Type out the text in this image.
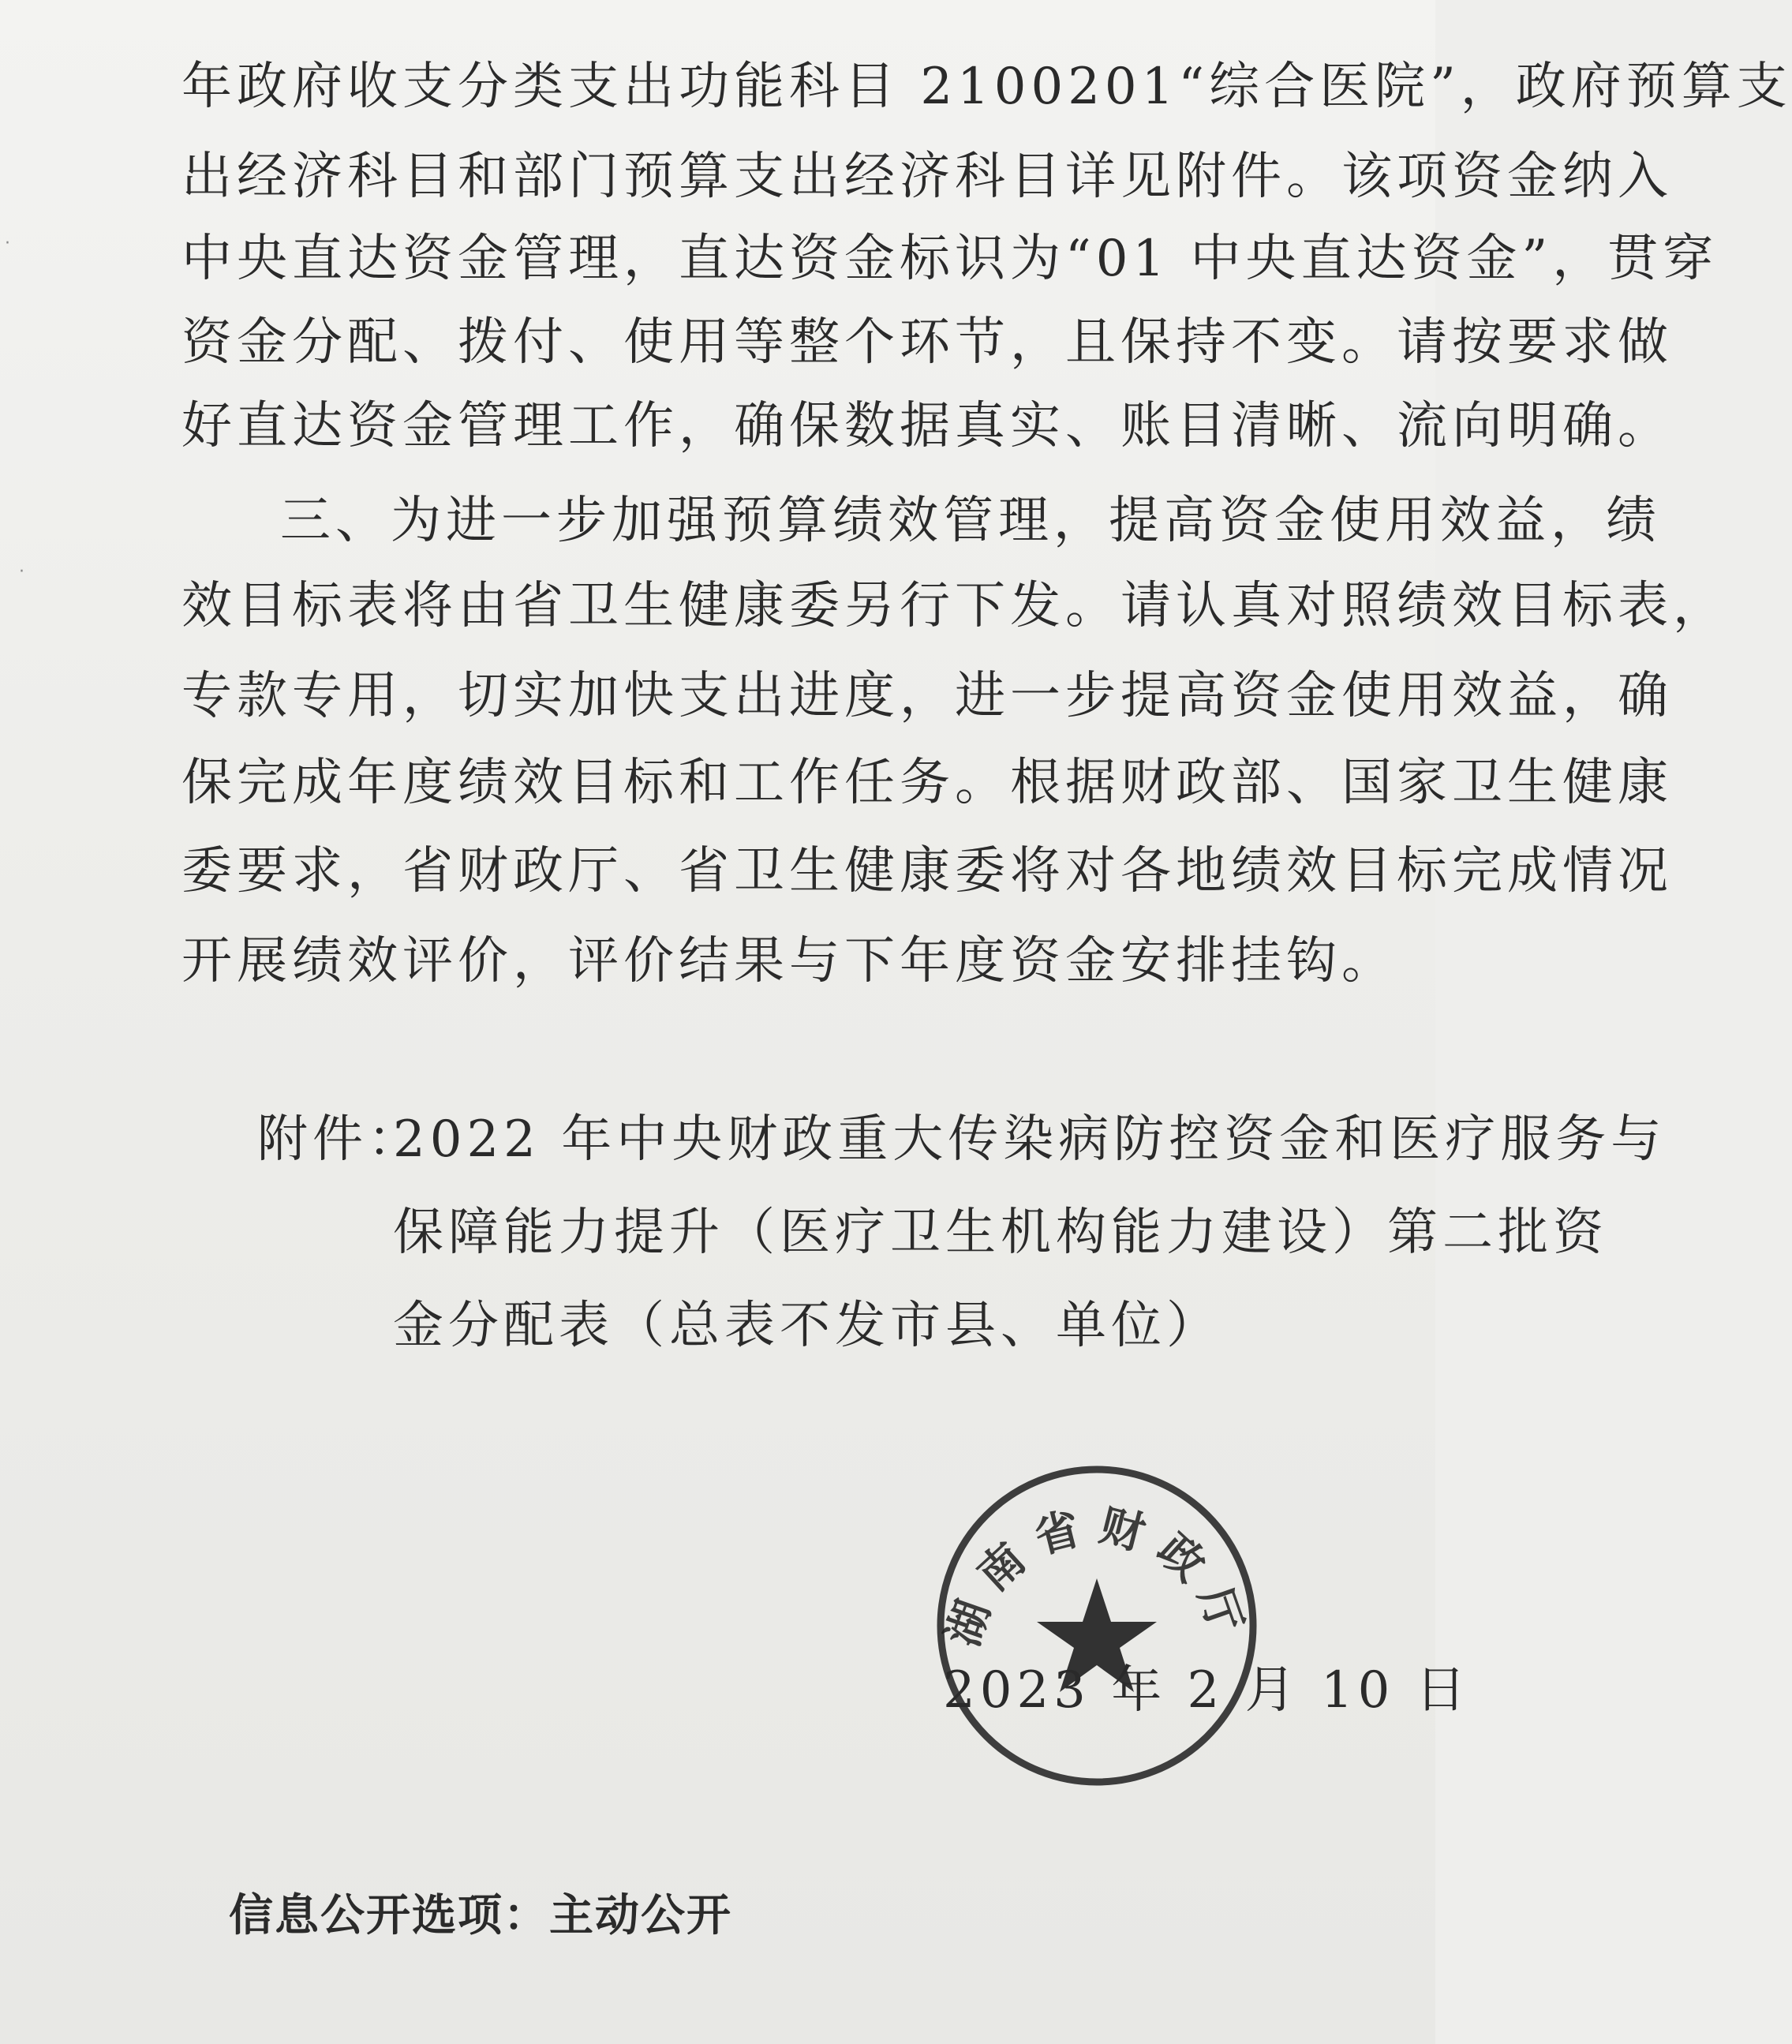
·
·
年政府收支分类支出功能科目 2100201“综合医院”，政府预算支
出经济科目和部门预算支出经济科目详见附件。该项资金纳入
中央直达资金管理，直达资金标识为“01 中央直达资金”，贯穿
资金分配、拨付、使用等整个环节，且保持不变。请按要求做
好直达资金管理工作，确保数据真实、账目清晰、流向明确。
三、为进一步加强预算绩效管理，提高资金使用效益，绩
效目标表将由省卫生健康委另行下发。请认真对照绩效目标表，
专款专用，切实加快支出进度，进一步提高资金使用效益，确
保完成年度绩效目标和工作任务。根据财政部、国家卫生健康
委要求，省财政厅、省卫生健康委将对各地绩效目标完成情况
开展绩效评价，评价结果与下年度资金安排挂钩。
附件：
2022 年中央财政重大传染病防控资金和医疗服务与
保障能力提升（医疗卫生机构能力建设）第二批资
金分配表（总表不发市县、单位）
湖南省财政厅
2023 年 2 月 10 日
信息公开选项：主动公开
